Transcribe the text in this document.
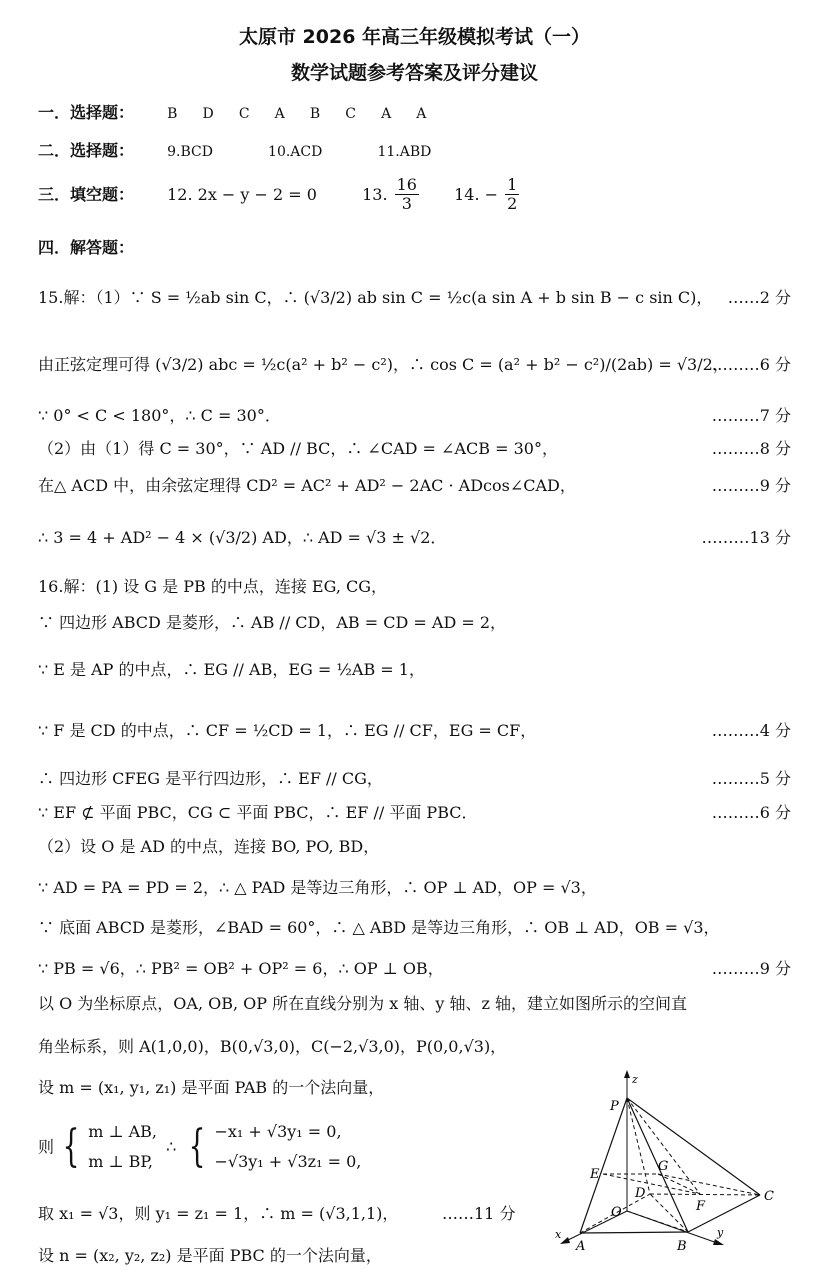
太原市 2026 年高三年级模拟考试（一）
数学试题参考答案及评分建议
一．选择题： B D C A B C A A
二．选择题： 9.BCD	10.ACD	11.ABD
三．填空题： 12. 2x − y − 2 = 0	13. $\frac{16}{3} 14$. − $\frac{1}{2}$
四．解答题：
15.解：（1）∵ S = ½ab sin C，∴ (√3/2) ab sin C = ½c(a sin A + b sin B − c sin C)， ……2 分
由正弦定理可得 (√3/2) abc = ½c(a² + b² − c²)，∴ cos C = (a² + b² − c²)/(2ab) = √3/2，
………6 分
∵ 0° < C < 180°，∴ C = 30°．	………7 分
（2）由（1）得 C = 30°，∵ AD // BC，∴ ∠CAD = ∠ACB = 30°，	………8 分
在△ ACD 中，由余弦定理得 CD² = AC² + AD² − 2AC · ADcos∠CAD，	………9 分
∴ 3 = 4 + AD² − 4 × (√3/2) AD，∴ AD = √3 ± √2．	………13 分
16.解：(1) 设 G 是 PB 的中点，连接 EG, CG，
∵ 四边形 ABCD 是菱形，∴ AB // CD，AB = CD = AD = 2，
∵ E 是 AP 的中点，∴ EG // AB，EG = ½AB = 1，
∵ F 是 CD 的中点，∴ CF = ½CD = 1，∴ EG // CF，EG = CF，	………4 分
∴ 四边形 CFEG 是平行四边形，∴ EF // CG，	………5 分
∵ EF ⊄ 平面 PBC，CG ⊂ 平面 PBC，∴ EF // 平面 PBC．	………6 分
（2）设 O 是 AD 的中点，连接 BO, PO, BD，
∵ AD = PA = PD = 2，∴ △ PAD 是等边三角形，∴ OP ⊥ AD，OP = √3，
∵ 底面 ABCD 是菱形，∠BAD = 60°，∴ △ ABD 是等边三角形，∴ OB ⊥ AD，OB = √3，
∵ PB = √6，∴ PB² = OB² + OP² = 6，∴ OP ⊥ OB，	………9 分
以 O 为坐标原点，OA, OB, OP 所在直线分别为 x 轴、y 轴、z 轴，建立如图所示的空间直
角坐标系，则 A(1,0,0)，B(0,√3,0)，C(−2,√3,0)，P(0,0,√3)，
设 m = (x₁, y₁, z₁) 是平面 PAB 的一个法向量，
则 { m ⊥ AB,
m ⊥ BP, ∴ { −x₁ + √3y₁ = 0,
−√3y₁ + √3z₁ = 0,
取 x₁ = √3，则 y₁ = z₁ = 1，∴ m = (√3,1,1)，	……11 分
设 n = (x₂, y₂, z₂) 是平面 PBC 的一个法向量，
z
P
E
G
D
F
C
O
x
A	B
y
